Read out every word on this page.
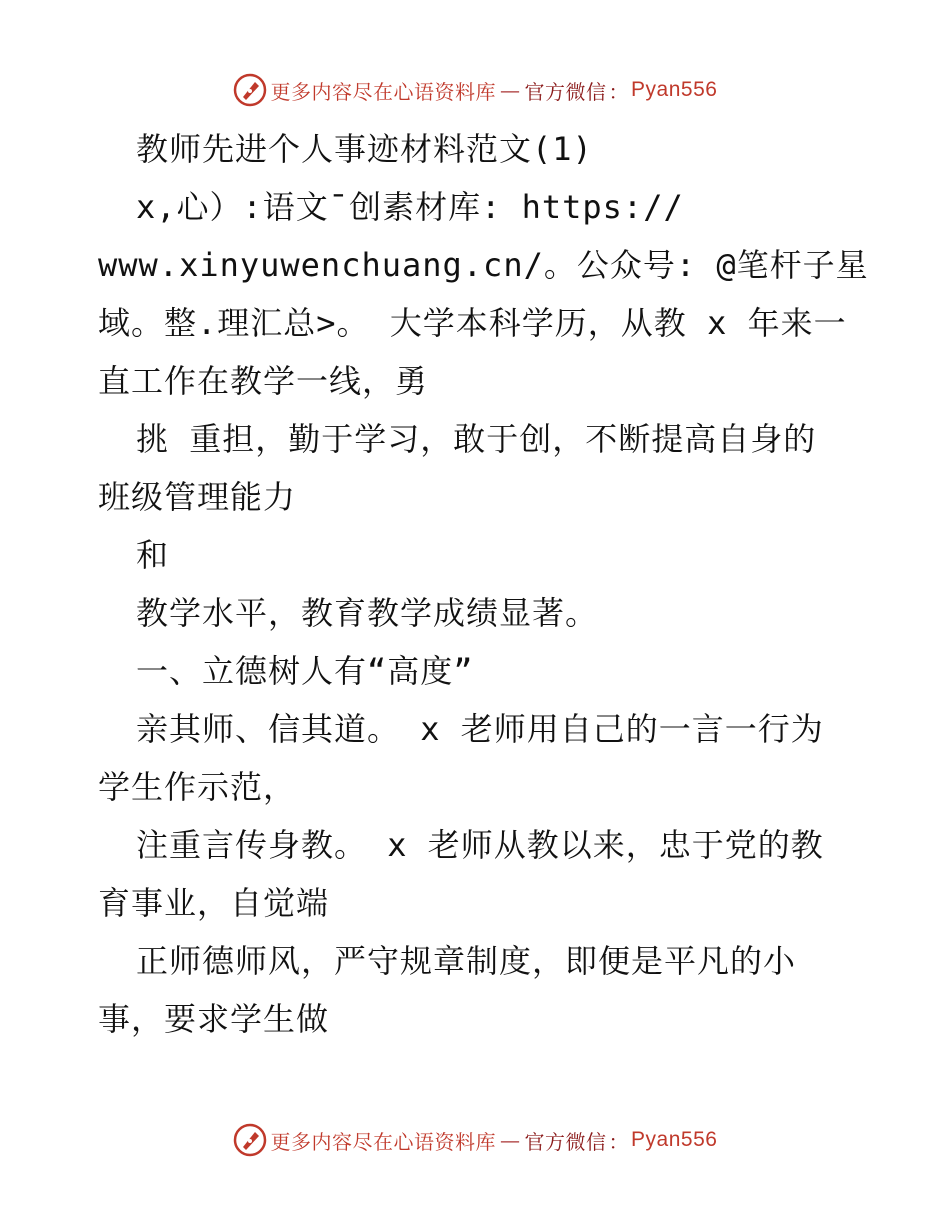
更多内容尽在心语资料库 — 官方微信 ： Pyan556
教师先进个人事迹材料范文(1)
x,心）:语文¯创素材库: https://
www.xinyuwenchuang.cn/。公众号: @笔杆子星
域。整.理汇总>。 大学本科学历，从教 x 年来一
直工作在教学一线，勇
挑 重担，勤于学习，敢于创，不断提高自身的
班级管理能力
和
教学水平，教育教学成绩显著。
一、立德树人有“高度”
亲其师、信其道。 x 老师用自己的一言一行为
学生作示范，
注重言传身教。 x 老师从教以来，忠于党的教
育事业，自觉端
正师德师风，严守规章制度，即便是平凡的小
事，要求学生做
更多内容尽在心语资料库 — 官方微信 ： Pyan556
